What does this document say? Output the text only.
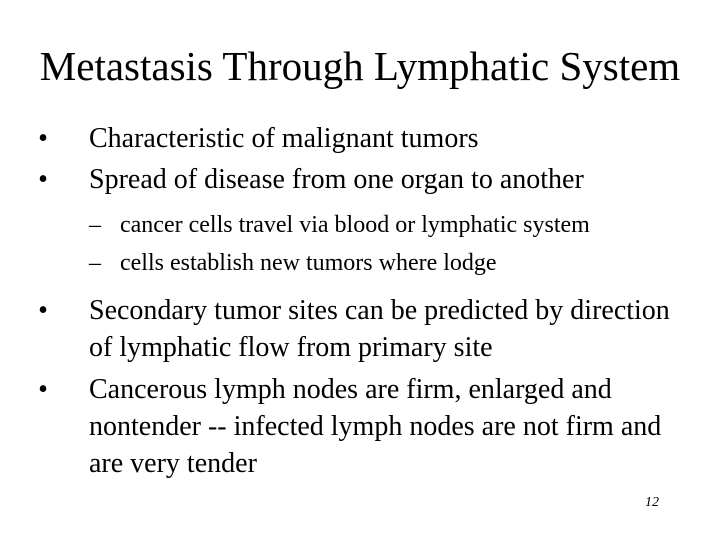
Metastasis Through Lymphatic System
•	Characteristic of malignant tumors
•	Spread of disease from one organ to another
– cancer cells travel via blood or lymphatic system
– cells establish new tumors where lodge
•	Secondary tumor sites can be predicted by direction of lymphatic flow from primary site
•	Cancerous lymph nodes are firm, enlarged and nontender -- infected lymph nodes are not firm and are very tender
12
